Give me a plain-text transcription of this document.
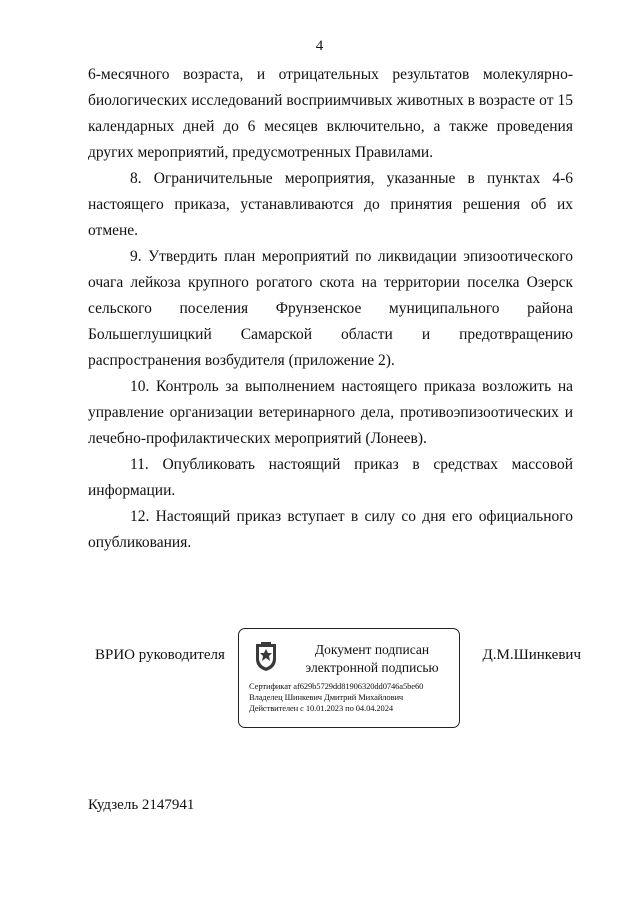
4

6-месячного возраста, и отрицательных результатов молекулярно-биологических исследований восприимчивых животных в возрасте от 15 календарных дней до 6 месяцев включительно, а также проведения других мероприятий, предусмотренных Правилами.

8. Ограничительные мероприятия, указанные в пунктах 4-6 настоящего приказа, устанавливаются до принятия решения об их отмене.

9. Утвердить план мероприятий по ликвидации эпизоотического очага лейкоза крупного рогатого скота на территории поселка Озерск сельского поселения Фрунзенское муниципального района Большеглушицкий Самарской области и предотвращению распространения возбудителя (приложение 2).

10. Контроль за выполнением настоящего приказа возложить на управление организации ветеринарного дела, противоэпизоотических и лечебно-профилактических мероприятий (Лонеев).

11. Опубликовать настоящий приказ в средствах массовой информации.

12. Настоящий приказ вступает в силу со дня его официального опубликования.

ВРИО руководителя	Документ подписан
электронной подписью
Сертификат af629b5729dd81906320dd0746a5be60
Владелец Шинкевич Дмитрий Михайлович
Действителен с 10.01.2023 по 04.04.2024
Д.М.Шинкевич
Кудзель 2147941
